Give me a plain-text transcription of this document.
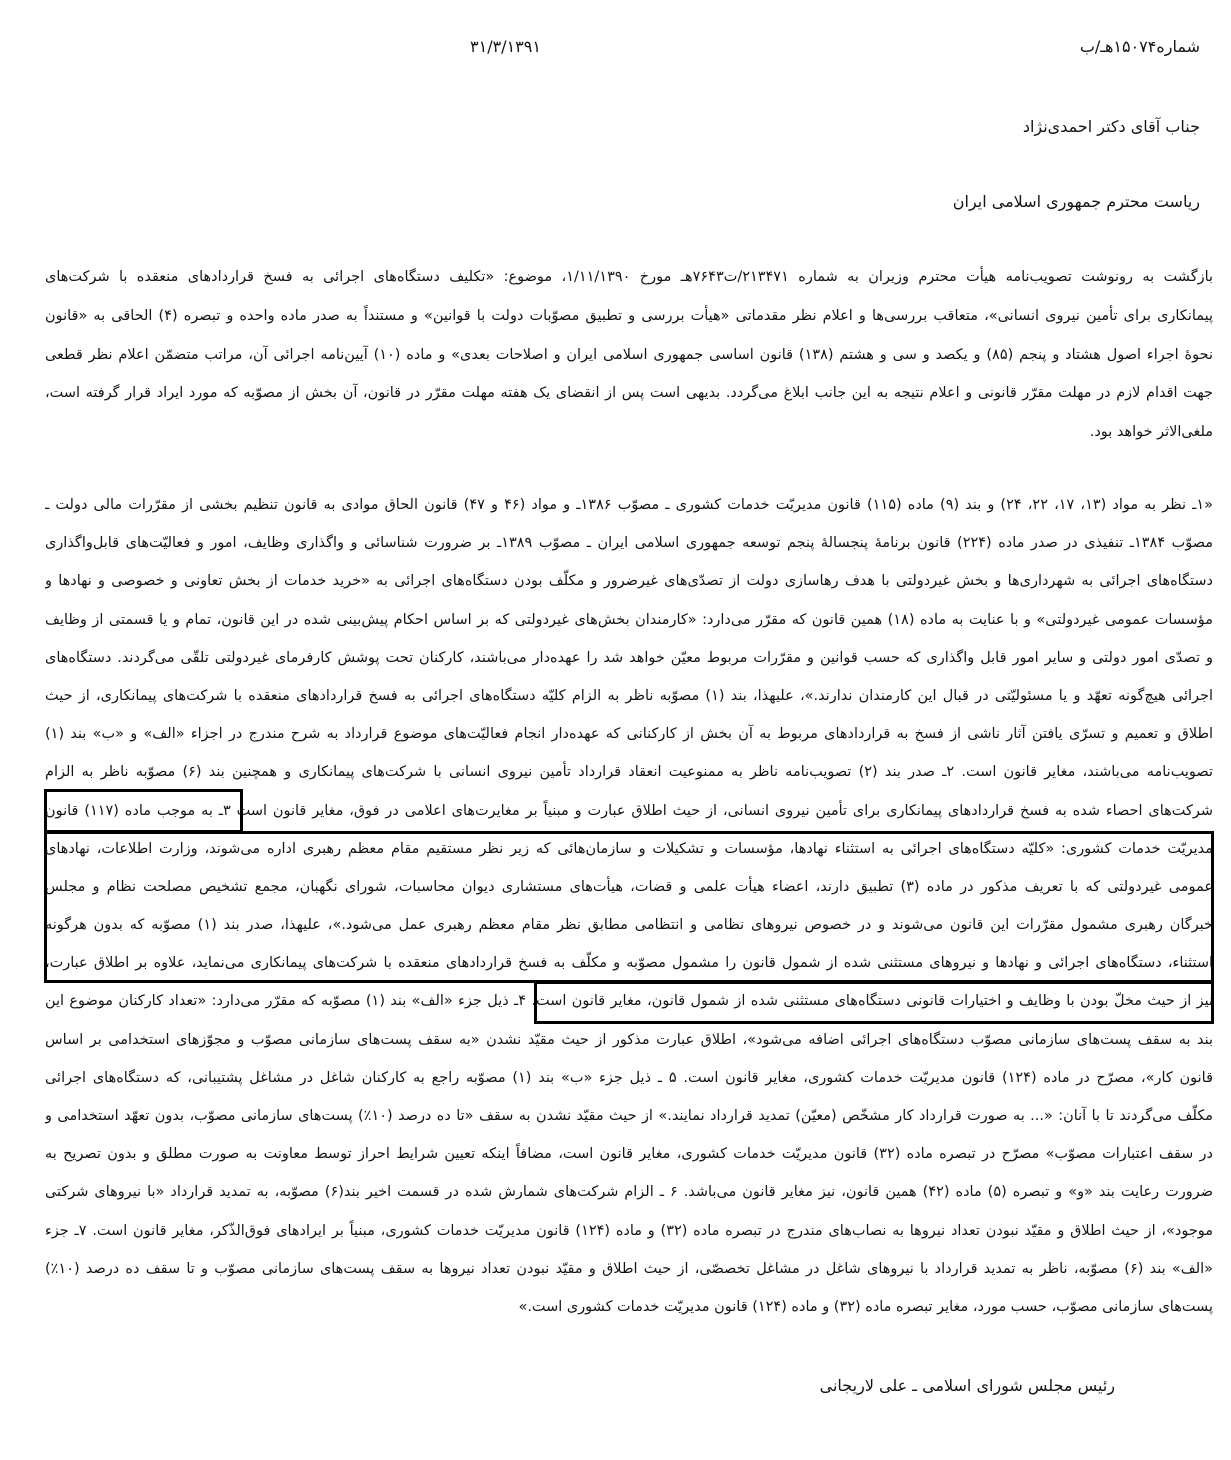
شماره۱۵۰۷۴هـ/ب
۳۱/۳/۱۳۹۱
جناب آقای دکتر احمدی‌نژاد
ریاست محترم جمهوری اسلامی ایران
بازگشت به رونوشت تصویب‌نامه هیأت محترم وزیران به شماره ۲۱۳۴۷۱/ت۷۶۴۳هـ مورخ ۱/۱۱/۱۳۹۰، موضوع: «تکلیف دستگاه‌های اجرائی به فسخ قراردادهای منعقده با شرکت‌های
پیمانکاری برای تأمین نیروی انسانی»، متعاقب بررسی‌ها و اعلام نظر مقدماتی «هیأت بررسی و تطبیق مصوّبات دولت با قوانین» و مستنداً به صدر ماده واحده و تبصره (۴) الحاقی به «قانون
نحوۀ اجراء اصول هشتاد و پنجم (۸۵) و یکصد و سی و هشتم (۱۳۸) قانون اساسی جمهوری اسلامی ایران و اصلاحات بعدی» و ماده (۱۰) آیین‌نامه اجرائی آن، مراتب متضمّن اعلام نظر قطعی
جهت اقدام لازم در مهلت مقرّر قانونی و اعلام نتیجه به این جانب ابلاغ می‌گردد. بدیهی است پس از انقضای یک هفته مهلت مقرّر در قانون، آن بخش از مصوّبه که مورد ایراد قرار گرفته است،
ملغی‌الاثر خواهد بود.
«۱ـ نظر به مواد (۱۳، ۱۷، ۲۲، ۲۴) و بند (۹) ماده (۱۱۵) قانون مدیریّت خدمات کشوری ـ مصوّب ۱۳۸۶ـ و مواد (۴۶ و ۴۷) قانون الحاق موادی به قانون تنظیم بخشی از مقرّرات مالی دولت ـ
مصوّب ۱۳۸۴ـ تنفیذی در صدر ماده (۲۲۴) قانون برنامۀ پنجسالۀ پنجم توسعه جمهوری اسلامی ایران ـ مصوّب ۱۳۸۹ـ بر ضرورت شناسائی و واگذاری وظایف، امور و فعالیّت‌های قابل‌واگذاری
دستگاه‌های اجرائی به شهرداری‌ها و بخش غیردولتی با هدف رهاسازی دولت از تصدّی‌های غیرضرور و مکلّف بودن دستگاه‌های اجرائی به «خرید خدمات از بخش تعاونی و خصوصی و نهادها و
مؤسسات عمومی غیردولتی» و با عنایت به ماده (۱۸) همین قانون که مقرّر می‌دارد: «کارمندان بخش‌های غیردولتی که بر اساس احکام پیش‌بینی شده در این قانون، تمام و یا قسمتی از وظایف
و تصدّی امور دولتی و سایر امور قابل واگذاری که حسب قوانین و مقرّرات مربوط معیّن خواهد شد را عهده‌دار می‌باشند، کارکنان تحت پوشش کارفرمای غیردولتی تلقّی می‌گردند. دستگاه‌های
اجرائی هیچ‌گونه تعهّد و یا مسئولیّتی در قبال این کارمندان ندارند.»، علیهذا، بند (۱) مصوّبه ناظر به الزام کلیّه دستگاه‌های اجرائی به فسخ قراردادهای منعقده با شرکت‌های پیمانکاری، از حیث
اطلاق و تعمیم و تسرّی یافتن آثار ناشی از فسخ به قراردادهای مربوط به آن بخش از کارکنانی که عهده‌دار انجام فعالیّت‌های موضوع قرارداد به شرح مندرج در اجزاء «الف» و «ب» بند (۱)
تصویب‌نامه می‌باشند، مغایر قانون است. ۲ـ صدر بند (۲) تصویب‌نامه ناظر به ممنوعیت انعقاد قرارداد تأمین نیروی انسانی با شرکت‌های پیمانکاری و همچنین بند (۶) مصوّبه ناظر به الزام
شرکت‌های احصاء شده به فسخ قراردادهای پیمانکاری برای تأمین نیروی انسانی، از حیث اطلاق عبارت و مبنیاً بر مغایرت‌های اعلامی در فوق، مغایر قانون است ۳ـ به موجب ماده (۱۱۷) قانون
مدیریّت خدمات کشوری: «کلیّه دستگاه‌های اجرائی به استثناء نهادها، مؤسسات و تشکیلات و سازمان‌هائی که زیر نظر مستقیم مقام معظم رهبری اداره می‌شوند، وزارت اطلاعات، نهادهای
عمومی غیردولتی که با تعریف مذکور در ماده (۳) تطبیق دارند، اعضاء هیأت علمی و قضات، هیأت‌های مستشاری دیوان محاسبات، شورای نگهبان، مجمع تشخیص مصلحت نظام و مجلس
خبرگان رهبری مشمول مقرّرات این قانون می‌شوند و در خصوص نیروهای نظامی و انتظامی مطابق نظر مقام معظم رهبری عمل می‌شود.»، علیهذا، صدر بند (۱) مصوّبه که بدون هرگونه
استثناء، دستگاه‌های اجرائی و نهادها و نیروهای مستثنی شده از شمول قانون را مشمول مصوّبه و مکلّف به فسخ قراردادهای منعقده با شرکت‌های پیمانکاری می‌نماید، علاوه بر اطلاق عبارت،
نیز از حیث مخلّ بودن با وظایف و اختیارات قانونی دستگاه‌های مستثنی شده از شمول قانون، مغایر قانون است. ۴ـ ذیل جزء «الف» بند (۱) مصوّبه که مقرّر می‌دارد: «تعداد کارکنان موضوع این
بند به سقف پست‌های سازمانی مصوّب دستگاه‌های اجرائی اضافه می‌شود»، اطلاق عبارت مذکور از حیث مقیّد نشدن «به سقف پست‌های سازمانی مصوّب و مجوّزهای استخدامی بر اساس
قانون کار»، مصرّح در ماده (۱۲۴) قانون مدیریّت خدمات کشوری، مغایر قانون است. ۵ ـ ذیل جزء «ب» بند (۱) مصوّبه راجع به کارکنان شاغل در مشاغل پشتیبانی، که دستگاه‌های اجرائی
مکلّف می‌گردند تا با آنان: «... به صورت قرارداد کار مشخّص (معیّن) تمدید قرارداد نمایند.» از حیث مقیّد نشدن به سقف «تا ده درصد (۱۰٪) پست‌های سازمانی مصوّب، بدون تعهّد استخدامی و
در سقف اعتبارات مصوّب» مصرّح در تبصره ماده (۳۲) قانون مدیریّت خدمات کشوری، مغایر قانون است، مضافاً اینکه تعیین شرایط احراز توسط معاونت به صورت مطلق و بدون تصریح به
ضرورت رعایت بند «و» و تبصره (۵) ماده (۴۲) همین قانون، نیز مغایر قانون می‌باشد. ۶ ـ الزام شرکت‌های شمارش شده در قسمت اخیر بند(۶) مصوّبه، به تمدید قرارداد «با نیروهای شرکتی
موجود»، از حیث اطلاق و مقیّد نبودن تعداد نیروها به نصاب‌های مندرج در تبصره ماده (۳۲) و ماده (۱۲۴) قانون مدیریّت خدمات کشوری، مبنیاً بر ایرادهای فوق‌الذّکر، مغایر قانون است. ۷ـ جزء
«الف» بند (۶) مصوّبه، ناظر به تمدید قرارداد با نیروهای شاغل در مشاغل تخصصّی، از حیث اطلاق و مقیّد نبودن تعداد نیروها به سقف پست‌های سازمانی مصوّب و تا سقف ده درصد (۱۰٪)
پست‌های سازمانی مصوّب، حسب مورد، مغایر تبصره ماده (۳۲) و ماده (۱۲۴) قانون مدیریّت خدمات کشوری است.»
رئیس مجلس شورای اسلامی ـ علی لاریجانی
